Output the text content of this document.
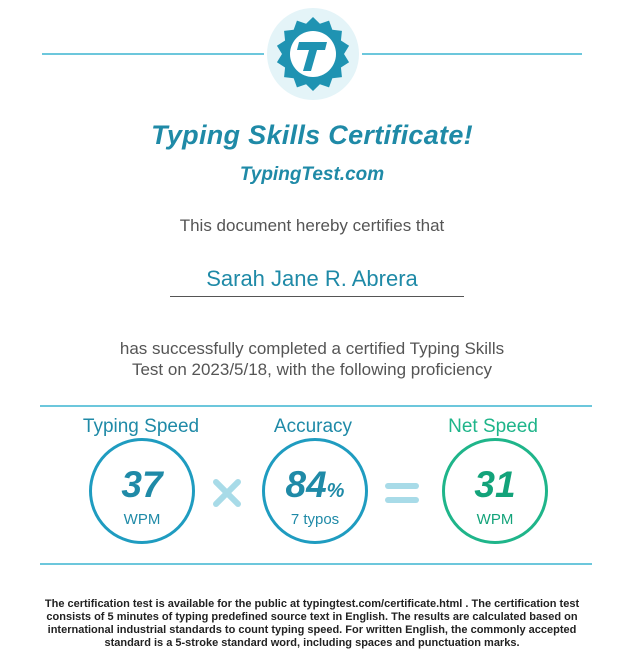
Typing Skills Certificate!
TypingTest.com
This document hereby certifies that
Sarah Jane R. Abrera
has successfully completed a certified Typing Skills
Test on 2023/5/18, with the following proficiency
Typing Speed
37
WPM
Accuracy
84%
7 typos
Net Speed
31
WPM
The certification test is available for the public at typingtest.com/certificate.html . The certification test
consists of 5 minutes of typing predefined source text in English. The results are calculated based on
international industrial standards to count typing speed. For written English, the commonly accepted
standard is a 5-stroke standard word, including spaces and punctuation marks.
